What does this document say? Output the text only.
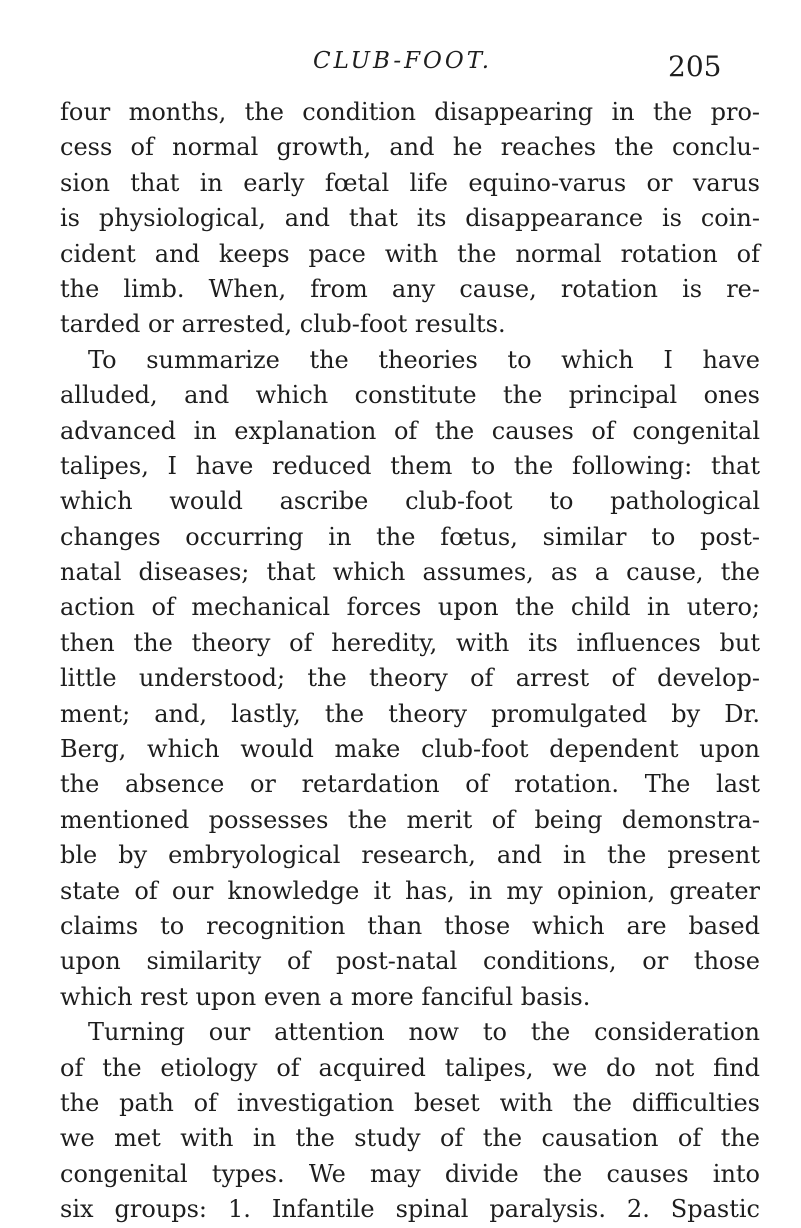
CLUB-FOOT.	205
four months, the condition disappearing in the pro-
cess of normal growth, and he reaches the conclu-
sion that in early fœtal life equino-varus or varus
is physiological, and that its disappearance is coin-
cident and keeps pace with the normal rotation of
the limb. When, from any cause, rotation is re-
tarded or arrested, club-foot results.
To summarize the theories to which I have
alluded, and which constitute the principal ones
advanced in explanation of the causes of congenital
talipes, I have reduced them to the following: that
which would ascribe club-foot to pathological
changes occurring in the fœtus, similar to post-
natal diseases; that which assumes, as a cause, the
action of mechanical forces upon the child in utero;
then the theory of heredity, with its influences but
little understood; the theory of arrest of develop-
ment; and, lastly, the theory promulgated by Dr.
Berg, which would make club-foot dependent upon
the absence or retardation of rotation. The last
mentioned possesses the merit of being demonstra-
ble by embryological research, and in the present
state of our knowledge it has, in my opinion, greater
claims to recognition than those which are based
upon similarity of post-natal conditions, or those
which rest upon even a more fanciful basis.
Turning our attention now to the consideration
of the etiology of acquired talipes, we do not find
the path of investigation beset with the difficulties
we met with in the study of the causation of the
congenital types. We may divide the causes into
six groups: 1. Infantile spinal paralysis. 2. Spastic
